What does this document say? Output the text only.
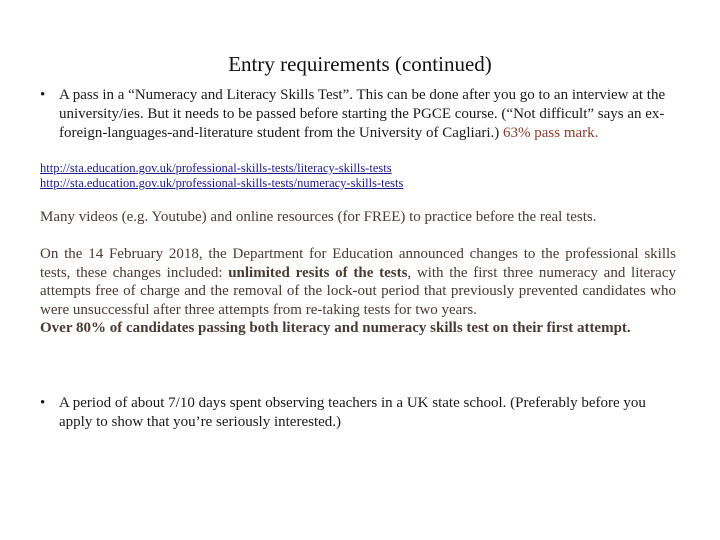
Entry requirements (continued)
• A pass in a “Numeracy and Literacy Skills Test”. This can be done after you go to an interview at the university/ies. But it needs to be passed before starting the PGCE course. (“Not difficult” says an ex-foreign-languages-and-literature student from the University of Cagliari.) 63% pass mark.
http://sta.education.gov.uk/professional-skills-tests/literacy-skills-tests
http://sta.education.gov.uk/professional-skills-tests/numeracy-skills-tests
Many videos (e.g. Youtube) and online resources (for FREE) to practice before the real tests.
On the 14 February 2018, the Department for Education announced changes to the professional skills tests, these changes included: unlimited resits of the tests, with the first three numeracy and literacy attempts free of charge and the removal of the lock-out period that previously prevented candidates who were unsuccessful after three attempts from re-taking tests for two years.
Over 80% of candidates passing both literacy and numeracy skills test on their first attempt.
• A period of about 7/10 days spent observing teachers in a UK state school. (Preferably before you apply to show that you’re seriously interested.)
